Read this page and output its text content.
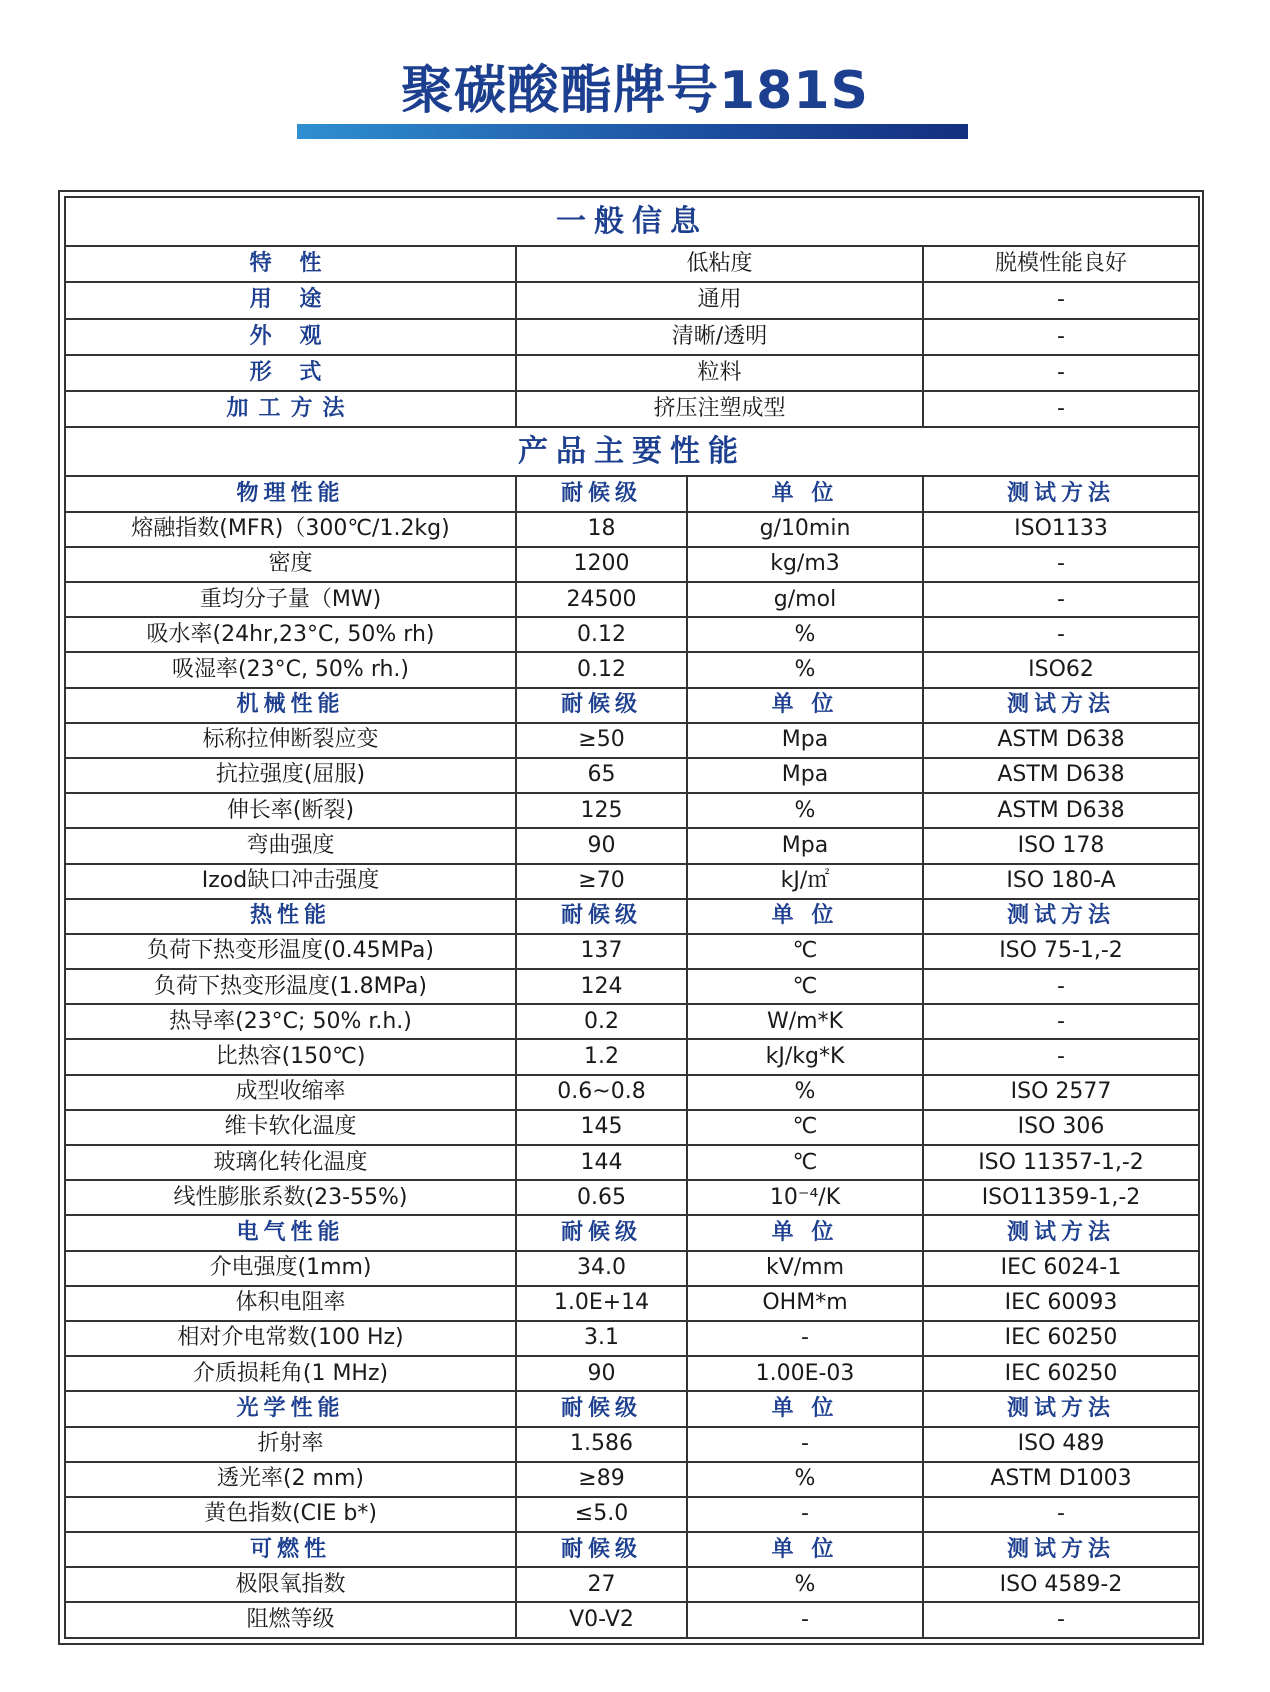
聚碳酸酯牌号181S
一般信息			
特 性	低粘度		脱模性能良好
用 途	通用		-
外 观	清晰/透明		-
形 式	粒料		-
加工方法	挤压注塑成型		-
产品主要性能			
物理性能	耐候级	单 位	测试方法
熔融指数(MFR)（300℃/1.2kg)	18	g/10min	ISO1133
密度	1200	kg/m3	-
重均分子量（MW)	24500	g/mol	-
吸水率(24hr,23°C, 50% rh)	0.12	%	-
吸湿率(23°C, 50% rh.)	0.12	%	ISO62
机械性能	耐候级	单 位	测试方法
标称拉伸断裂应变	≥50	Mpa	ASTM D638
抗拉强度(屈服)	65	Mpa	ASTM D638
伸长率(断裂)	125	%	ASTM D638
弯曲强度	90	Mpa	ISO 178
Izod缺口冲击强度	≥70	kJ/㎡	ISO 180-A
热性能	耐候级	单 位	测试方法
负荷下热变形温度(0.45MPa)	137	℃	ISO 75-1,-2
负荷下热变形温度(1.8MPa)	124	℃	-
热导率(23°C; 50% r.h.)	0.2	W/m*K	-
比热容(150℃)	1.2	kJ/kg*K	-
成型收缩率	0.6~0.8	%	ISO 2577
维卡软化温度	145	℃	ISO 306
玻璃化转化温度	144	℃	ISO 11357-1,-2
线性膨胀系数(23-55%)	0.65	10⁻⁴/K	ISO11359-1,-2
电气性能	耐候级	单 位	测试方法
介电强度(1mm)	34.0	kV/mm	IEC 6024-1
体积电阻率	1.0E+14	OHM*m	IEC 60093
相对介电常数(100 Hz)	3.1	-	IEC 60250
介质损耗角(1 MHz)	90	1.00E-03	IEC 60250
光学性能	耐候级	单 位	测试方法
折射率	1.586	-	ISO 489
透光率(2 mm)	≥89	%	ASTM D1003
黄色指数(CIE b*)	≤5.0	-	-
可燃性	耐候级	单 位	测试方法
极限氧指数	27	%	ISO 4589-2
阻燃等级	V0-V2	-	-
